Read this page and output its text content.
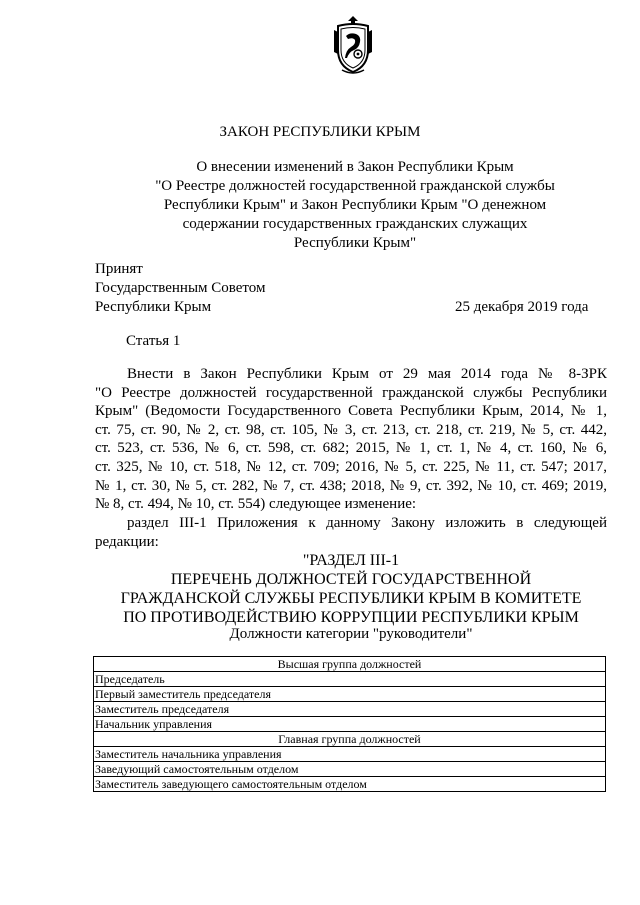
ЗАКОН РЕСПУБЛИКИ КРЫМ
О внесении изменений в Закон Республики Крым
"О Реестре должностей государственной гражданской службы
Республики Крым" и Закон Республики Крым "О денежном
содержании государственных гражданских служащих
Республики Крым"
Принят
Государственным Советом
Республики Крым	25 декабря 2019 года
Статья 1
Внести в Закон Республики Крым от 29 мая 2014 года № 8-ЗРК
"О Реестре должностей государственной гражданской службы Республики
Крым" (Ведомости Государственного Совета Республики Крым, 2014, № 1,
ст. 75, ст. 90, № 2, ст. 98, ст. 105, № 3, ст. 213, ст. 218, ст. 219, № 5, ст. 442,
ст. 523, ст. 536, № 6, ст. 598, ст. 682; 2015, № 1, ст. 1, № 4, ст. 160, № 6,
ст. 325, № 10, ст. 518, № 12, ст. 709; 2016, № 5, ст. 225, № 11, ст. 547; 2017,
№ 1, ст. 30, № 5, ст. 282, № 7, ст. 438; 2018, № 9, ст. 392, № 10, ст. 469; 2019,
№ 8, ст. 494, № 10, ст. 554) следующее изменение:
раздел III-1 Приложения к данному Закону изложить в следующей
редакции:
"РАЗДЕЛ III-1
ПЕРЕЧЕНЬ ДОЛЖНОСТЕЙ ГОСУДАРСТВЕННОЙ
ГРАЖДАНСКОЙ СЛУЖБЫ РЕСПУБЛИКИ КРЫМ В КОМИТЕТЕ
ПО ПРОТИВОДЕЙСТВИЮ КОРРУПЦИИ РЕСПУБЛИКИ КРЫМ
Должности категории "руководители"
Высшая группа должностей
Председатель
Первый заместитель председателя
Заместитель председателя
Начальник управления
Главная группа должностей
Заместитель начальника управления
Заведующий самостоятельным отделом
Заместитель заведующего самостоятельным отделом
